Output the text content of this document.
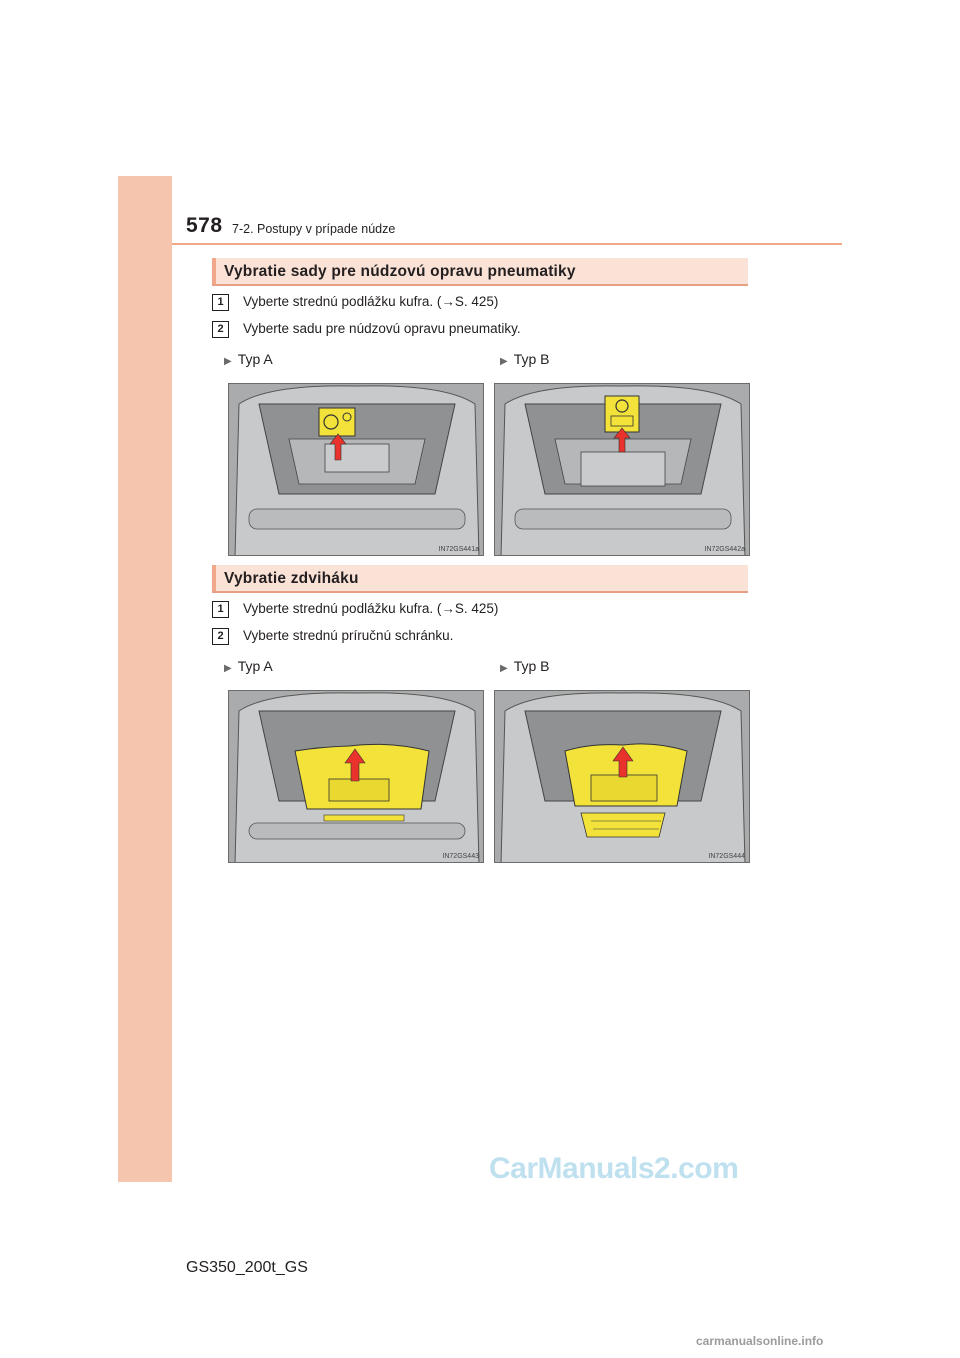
578 7-2. Postupy v prípade núdze
Vybratie sady pre núdzovú opravu pneumatiky
1	Vyberte strednú podlážku kufra. (→S. 425)
2	Vyberte sadu pre núdzovú opravu pneumatiky.
▶ Typ A	▶ Typ B
IN72GS441a	IN72GS442a
Vybratie zdviháku
1	Vyberte strednú podlážku kufra. (→S. 425)
2	Vyberte strednú príručnú schránku.
▶ Typ A	▶ Typ B
IN72GS443	IN72GS444
CarManuals2.com
GS350_200t_GS
carmanualsonline.info
